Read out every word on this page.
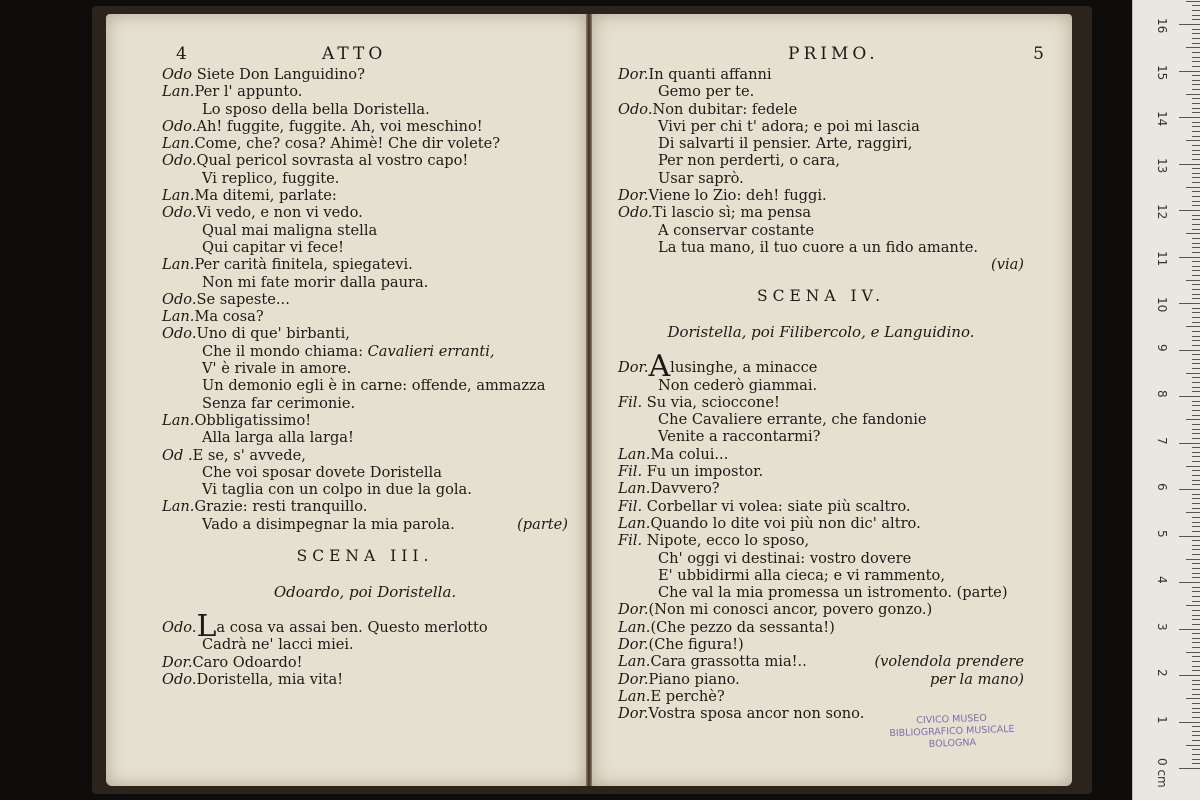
4	ATTO
Odo Siete Don Languidino?
Lan.Per l' appunto.
Lo sposo della bella Doristella.
Odo.Ah! fuggite, fuggite. Ah, voi meschino!
Lan.Come, che? cosa? Ahimè! Che dir volete?
Odo.Qual pericol sovrasta al vostro capo!
Vi replico, fuggite.
Lan.Ma ditemi, parlate:
Odo.Vi vedo, e non vi vedo.
Qual mai maligna stella
Qui capitar vi fece!
Lan.Per carità finitela, spiegatevi.
Non mi fate morir dalla paura.
Odo.Se sapeste...
Lan.Ma cosa?
Odo.Uno di que' birbanti,
Che il mondo chiama: Cavalieri erranti,
V' è rivale in amore.
Un demonio egli è in carne: offende, ammazza
Senza far cerimonie.
Lan.Obbligatissimo!
Alla larga alla larga!
Od .E se, s' avvede,
Che voi sposar dovete Doristella
Vi taglia con un colpo in due la gola.
Lan.Grazie: resti tranquillo.
Vado a disimpegnar la mia parola.	(parte)
SCENA III.
Odoardo, poi Doristella.
Odo.La cosa va assai ben. Questo merlotto
Cadrà ne' lacci miei.
Dor.Caro Odoardo!
Odo.Doristella, mia vita!
PRIMO.	5
Dor.In quanti affanni
Gemo per te.
Odo.Non dubitar: fedele
Vivi per chi t' adora; e poi mi lascia
Di salvarti il pensier. Arte, raggiri,
Per non perderti, o cara,
Usar saprò.
Dor.Viene lo Zio: deh! fuggi.
Odo.Ti lascio sì; ma pensa
A conservar costante
La tua mano, il tuo cuore a un fido amante.
(via)
SCENA IV.
Doristella, poi Filibercolo, e Languidino.
Dor.Alusinghe, a minacce
Non cederò giammai.
Fil. Su via, scioccone!
Che Cavaliere errante, che fandonie
Venite a raccontarmi?
Lan.Ma colui...
Fil. Fu un impostor.
Lan.Davvero?
Fil. Corbellar vi volea: siate più scaltro.
Lan.Quando lo dite voi più non dic' altro.
Fil. Nipote, ecco lo sposo,
Ch' oggi vi destinai: vostro dovere
E' ubbidirmi alla cieca; e vi rammento,
Che val la mia promessa un istromento. (parte)
Dor.(Non mi conosci ancor, povero gonzo.)
Lan.(Che pezzo da sessanta!)
Dor.(Che figura!)
Lan.Cara grassotta mia!..	(volendola prendere
Dor.Piano piano.	per la mano)
Lan.E perchè?
Dor.Vostra sposa ancor non sono.	CIVICO MUSEO
BIBLIOGRAFICO MUSICALE
BOLOGNA
0 cm
1
2
3
4
5
6
7
8
9
10
11
12
13
14
15
16
